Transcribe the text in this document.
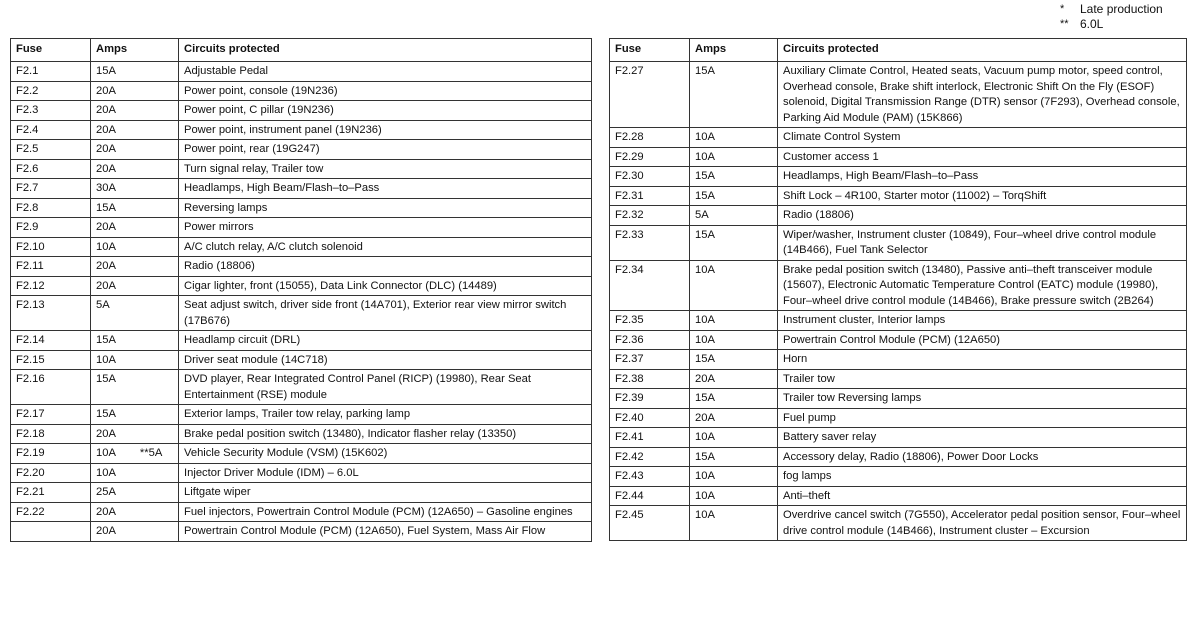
*	Late production
** 6.0L
Fuse	Amps	Circuits protected
F2.1	15A	Adjustable Pedal
F2.2	20A	Power point, console (19N236)
F2.3	20A	Power point, C pillar (19N236)
F2.4	20A	Power point, instrument panel (19N236)
F2.5	20A	Power point, rear (19G247)
F2.6	20A	Turn signal relay, Trailer tow
F2.7	30A	Headlamps, High Beam/Flash–to–Pass
F2.8	15A	Reversing lamps
F2.9	20A	Power mirrors
F2.10	10A	A/C clutch relay, A/C clutch solenoid
F2.11	20A	Radio (18806)
F2.12	20A	Cigar lighter, front (15055), Data Link Connector (DLC) (14489)
F2.13	5A	Seat adjust switch, driver side front (14A701), Exterior rear view mirror switch (17B676)
F2.14	15A	Headlamp circuit (DRL)
F2.15	10A	Driver seat module (14C718)
F2.16	15A	DVD player, Rear Integrated Control Panel (RICP) (19980), Rear Seat Entertainment (RSE) module
F2.17	15A	Exterior lamps, Trailer tow relay, parking lamp
F2.18	20A	Brake pedal position switch (13480), Indicator flasher relay (13350)
F2.19	10A **5A	Vehicle Security Module (VSM) (15K602)
F2.20	10A	Injector Driver Module (IDM) – 6.0L
F2.21	25A	Liftgate wiper
F2.22	20A	Fuel injectors, Powertrain Control Module (PCM) (12A650) – Gasoline engines
	20A	Powertrain Control Module (PCM) (12A650), Fuel System, Mass Air Flow
Fuse	Amps	Circuits protected
F2.27	15A	Auxiliary Climate Control, Heated seats, Vacuum pump motor, speed control, Overhead console, Brake shift interlock, Electronic Shift On the Fly (ESOF) solenoid, Digital Transmission Range (DTR) sensor (7F293), Overhead console, Parking Aid Module (PAM) (15K866)
F2.28	10A	Climate Control System
F2.29	10A	Customer access 1
F2.30	15A	Headlamps, High Beam/Flash–to–Pass
F2.31	15A	Shift Lock – 4R100, Starter motor (11002) – TorqShift
F2.32	5A	Radio (18806)
F2.33	15A	Wiper/washer, Instrument cluster (10849), Four–wheel drive control module (14B466), Fuel Tank Selector
F2.34	10A	Brake pedal position switch (13480), Passive anti–theft transceiver module (15607), Electronic Automatic Temperature Control (EATC) module (19980), Four–wheel drive control module (14B466), Brake pressure switch (2B264)
F2.35	10A	Instrument cluster, Interior lamps
F2.36	10A	Powertrain Control Module (PCM) (12A650)
F2.37	15A	Horn
F2.38	20A	Trailer tow
F2.39	15A	Trailer tow Reversing lamps
F2.40	20A	Fuel pump
F2.41	10A	Battery saver relay
F2.42	15A	Accessory delay, Radio (18806), Power Door Locks
F2.43	10A	fog lamps
F2.44	10A	Anti–theft
F2.45	10A	Overdrive cancel switch (7G550), Accelerator pedal position sensor, Four–wheel drive control module (14B466), Instrument cluster – Excursion
